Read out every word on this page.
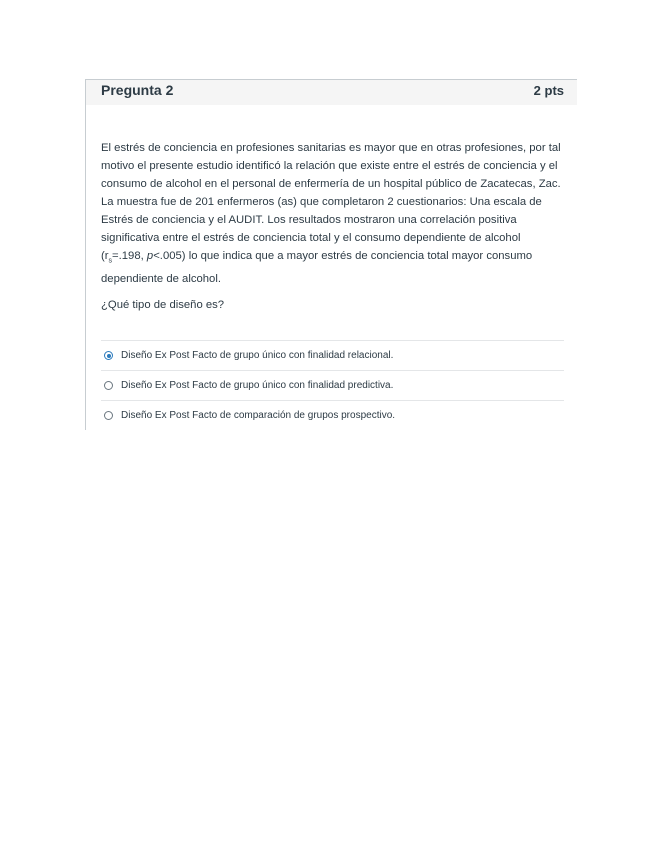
Pregunta 2	2 pts

El estrés de conciencia en profesiones sanitarias es mayor que en otras profesiones, por tal motivo el presente estudio identificó la relación que existe entre el estrés de conciencia y el consumo de alcohol en el personal de enfermería de un hospital público de Zacatecas, Zac. La muestra fue de 201 enfermeros (as) que completaron 2 cuestionarios: Una escala de Estrés de conciencia y el AUDIT. Los resultados mostraron una correlación positiva significativa entre el estrés de conciencia total y el consumo dependiente de alcohol ($r_s=.198$, p<.005) lo que indica que a mayor estrés de conciencia total mayor consumo dependiente de alcohol.

¿Qué tipo de diseño es?

Diseño Ex Post Facto de grupo único con finalidad relacional.
Diseño Ex Post Facto de grupo único con finalidad predictiva.
Diseño Ex Post Facto de comparación de grupos prospectivo.
